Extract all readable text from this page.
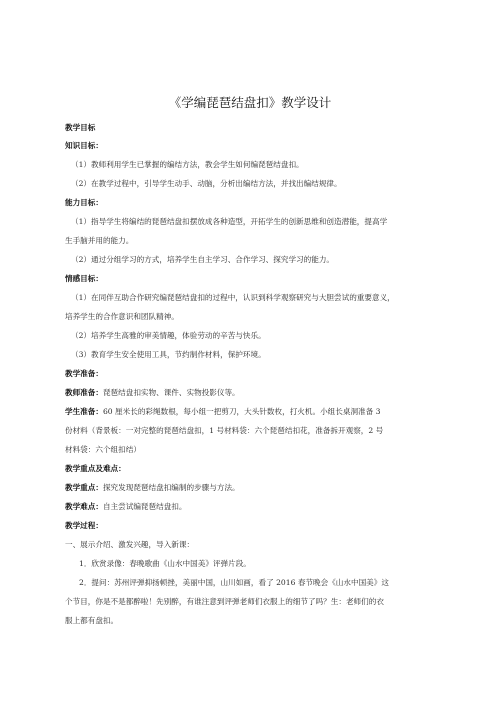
《学编琵琶结盘扣》教学设计
教学目标
知识目标：
（1）教师利用学生已掌握的编结方法，教会学生如何编琵琶结盘扣。
（2）在教学过程中，引导学生动手、动脑，分析出编结方法，并找出编结规律。
能力目标：
（1）指导学生将编结的琵琶结盘扣摆放成各种造型，开拓学生的创新思维和创造潜能，提高学
生手脑并用的能力。
（2）通过分组学习的方式，培养学生自主学习、合作学习、探究学习的能力。
情感目标：
（1）在同伴互助合作研究编琵琶结盘扣的过程中，认识到科学观察研究与大胆尝试的重要意义，
培养学生的合作意识和团队精神。
（2）培养学生高雅的审美情趣，体验劳动的辛苦与快乐。
（3）教育学生安全使用工具，节约制作材料，保护环境。
教学准备：
教师准备：琵琶结盘扣实物、课件、实物投影仪等。
学生准备：60 厘米长的彩绳数根，每小组一把剪刀，大头针数枚，打火机。小组长桌洞准备 3
份材料（背景板：一对完整的琵琶结盘扣，1 号材料袋：六个琵琶结扣花，准备拆开观察，2 号
材料袋：六个组扣结）
教学重点及难点：
教学重点：探究发现琵琶结盘扣编制的步骤与方法。
教学难点：自主尝试编琵琶结盘扣。
教学过程：
一、展示介绍、激发兴趣，导入新课：
1．欣赏录像：春晚歌曲《山水中国美》评弹片段。
2．提问：苏州评弹抑扬顿挫，美丽中国，山川如画，看了 2016 春节晚会《山水中国美》这
个节目，你是不是都醉啦！先别醉，有谁注意到评弹老师们衣服上的细节了吗？生：老师们的衣
服上都有盘扣。
